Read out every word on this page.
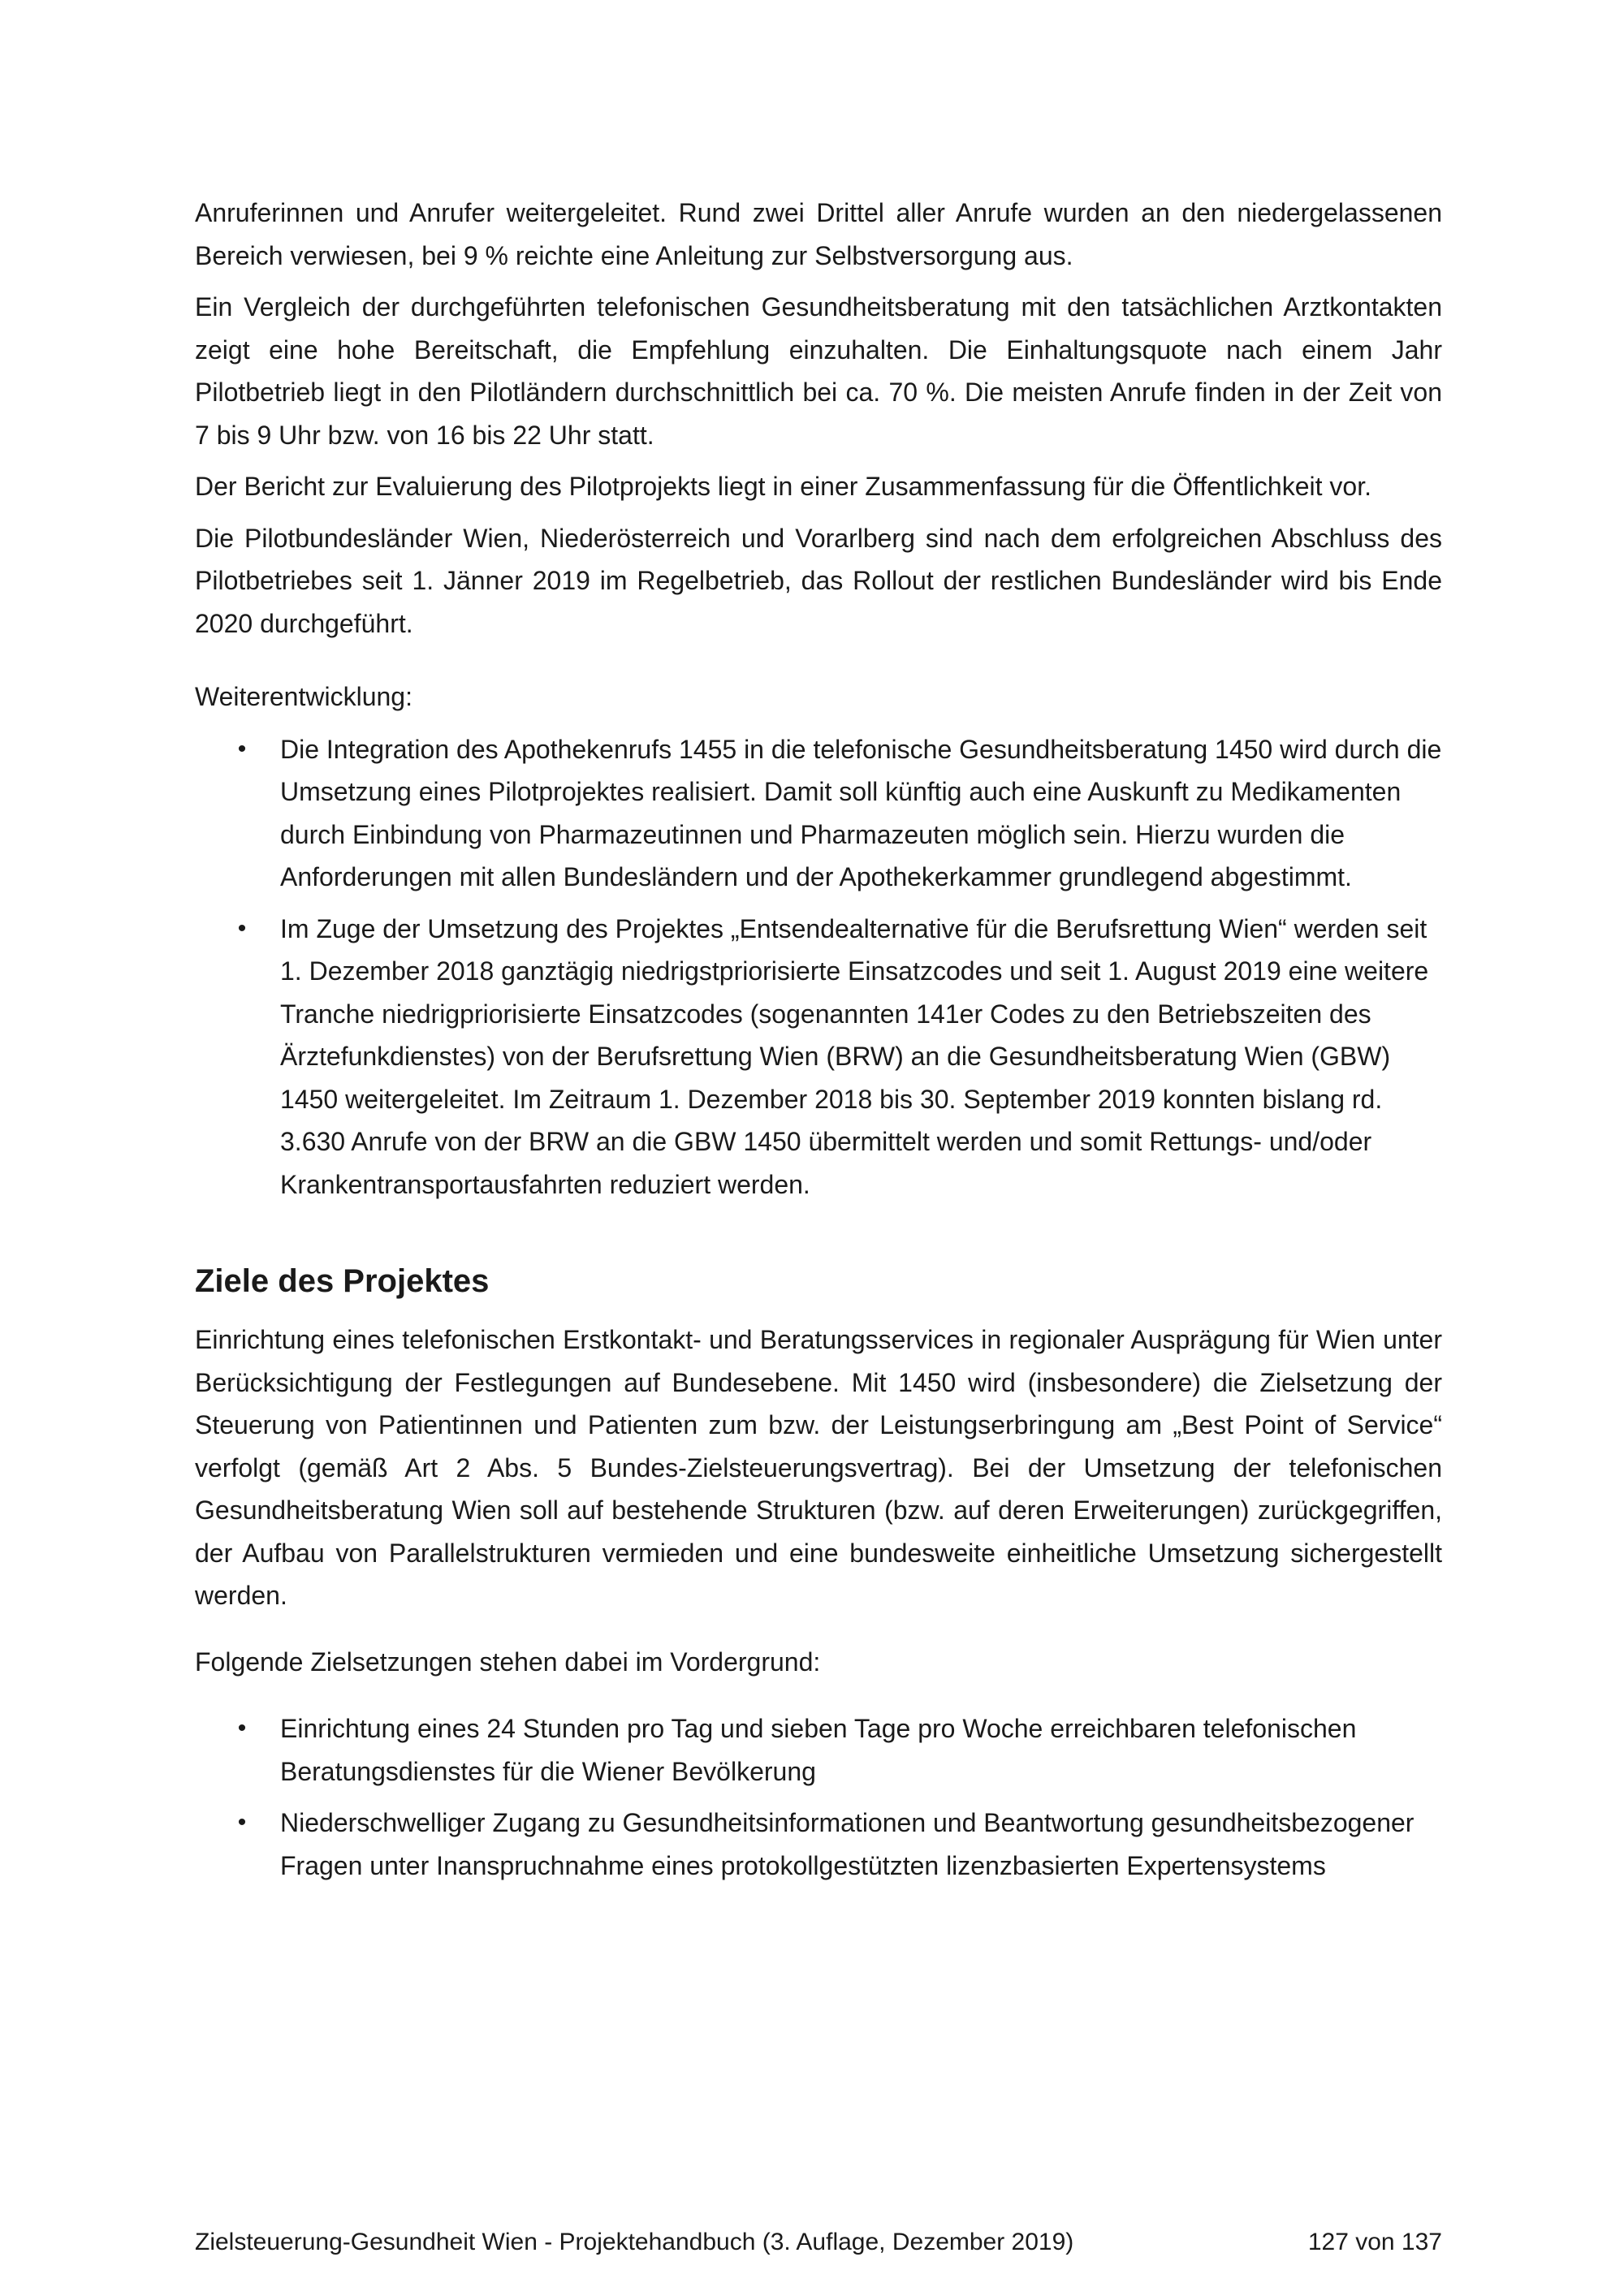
Anruferinnen und Anrufer weitergeleitet. Rund zwei Drittel aller Anrufe wurden an den niedergelassenen Bereich verwiesen, bei 9 % reichte eine Anleitung zur Selbstversorgung aus.

Ein Vergleich der durchgeführten telefonischen Gesundheitsberatung mit den tatsächlichen Arztkontakten zeigt eine hohe Bereitschaft, die Empfehlung einzuhalten. Die Einhaltungsquote nach einem Jahr Pilotbetrieb liegt in den Pilotländern durchschnittlich bei ca. 70 %. Die meisten Anrufe finden in der Zeit von 7 bis 9 Uhr bzw. von 16 bis 22 Uhr statt.

Der Bericht zur Evaluierung des Pilotprojekts liegt in einer Zusammenfassung für die Öffentlichkeit vor.

Die Pilotbundesländer Wien, Niederösterreich und Vorarlberg sind nach dem erfolgreichen Abschluss des Pilotbetriebes seit 1. Jänner 2019 im Regelbetrieb, das Rollout der restlichen Bundesländer wird bis Ende 2020 durchgeführt.

Weiterentwicklung:

• Die Integration des Apothekenrufs 1455 in die telefonische Gesundheitsberatung 1450 wird durch die Umsetzung eines Pilotprojektes realisiert. Damit soll künftig auch eine Auskunft zu Medikamenten durch Einbindung von Pharmazeutinnen und Pharmazeuten möglich sein. Hierzu wurden die Anforderungen mit allen Bundesländern und der Apothekerkammer grundlegend abgestimmt.
• Im Zuge der Umsetzung des Projektes „Entsendealternative für die Berufsrettung Wien“ werden seit 1. Dezember 2018 ganztägig niedrigstpriorisierte Einsatzcodes und seit 1. August 2019 eine weitere Tranche niedrigpriorisierte Einsatzcodes (sogenannten 141er Codes zu den Betriebszeiten des Ärztefunkdienstes) von der Berufsrettung Wien (BRW) an die Gesundheitsberatung Wien (GBW) 1450 weitergeleitet. Im Zeitraum 1. Dezember 2018 bis 30. September 2019 konnten bislang rd. 3.630 Anrufe von der BRW an die GBW 1450 übermittelt werden und somit Rettungs- und/oder Krankentransportausfahrten reduziert werden.
Ziele des Projektes

Einrichtung eines telefonischen Erstkontakt- und Beratungsservices in regionaler Ausprägung für Wien unter Berücksichtigung der Festlegungen auf Bundesebene. Mit 1450 wird (insbesondere) die Zielsetzung der Steuerung von Patientinnen und Patienten zum bzw. der Leistungserbringung am „Best Point of Service“ verfolgt (gemäß Art 2 Abs. 5 Bundes-Zielsteuerungsvertrag). Bei der Umsetzung der telefonischen Gesundheitsberatung Wien soll auf bestehende Strukturen (bzw. auf deren Erweiterungen) zurückgegriffen, der Aufbau von Parallelstrukturen vermieden und eine bundesweite einheitliche Umsetzung sichergestellt werden.

Folgende Zielsetzungen stehen dabei im Vordergrund:

• Einrichtung eines 24 Stunden pro Tag und sieben Tage pro Woche erreichbaren telefonischen Beratungsdienstes für die Wiener Bevölkerung
• Niederschwelliger Zugang zu Gesundheitsinformationen und Beantwortung gesundheitsbezogener Fragen unter Inanspruchnahme eines protokollgestützten lizenzbasierten Expertensystems
Zielsteuerung-Gesundheit Wien - Projektehandbuch (3. Auflage, Dezember 2019)	127 von 137
